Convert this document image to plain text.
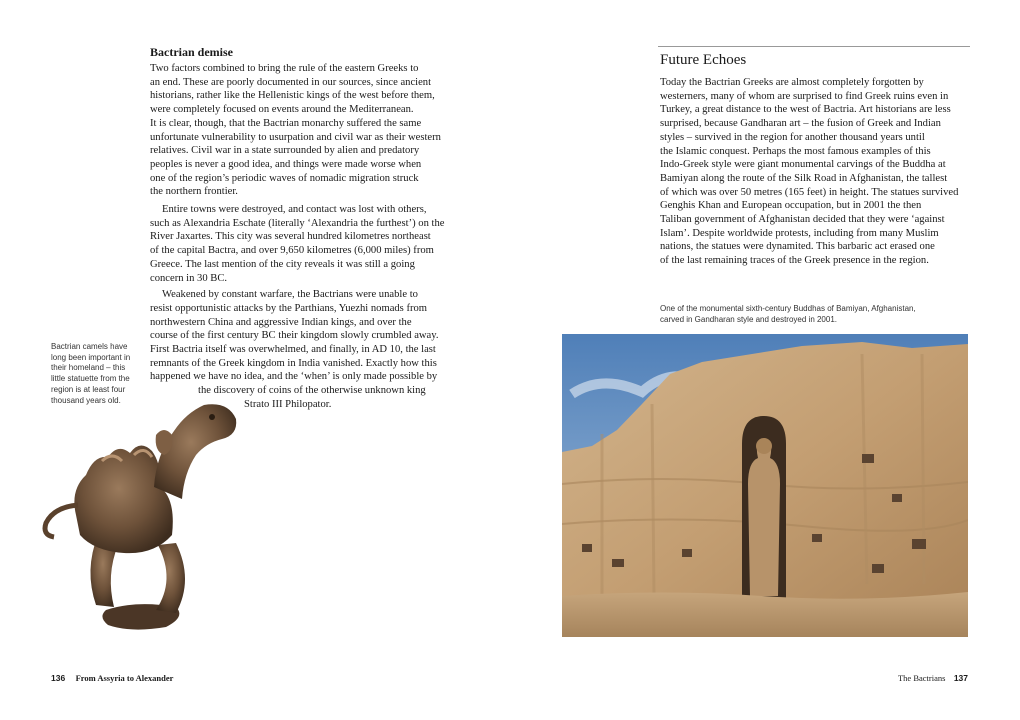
Bactrian demise

Two factors combined to bring the rule of the eastern Greeks to
an end. These are poorly documented in our sources, since ancient
historians, rather like the Hellenistic kings of the west before them,
were completely focused on events around the Mediterranean.
It is clear, though, that the Bactrian monarchy suffered the same
unfortunate vulnerability to usurpation and civil war as their western
relatives. Civil war in a state surrounded by alien and predatory
peoples is never a good idea, and things were made worse when
one of the region’s periodic waves of nomadic migration struck
the northern frontier.

Entire towns were destroyed, and contact was lost with others,
such as Alexandria Eschate (literally ‘Alexandria the furthest’) on the
River Jaxartes. This city was several hundred kilometres northeast
of the capital Bactra, and over 9,650 kilometres (6,000 miles) from
Greece. The last mention of the city reveals it was still a going
concern in 30 BC.

Weakened by constant warfare, the Bactrians were unable to
resist opportunistic attacks by the Parthians, Yuezhi nomads from
northwestern China and aggressive Indian kings, and over the
course of the first century BC their kingdom slowly crumbled away.
First Bactria itself was overwhelmed, and finally, in AD 10, the last
remnants of the Greek kingdom in India vanished. Exactly how this
happened we have no idea, and the ‘when’ is only made possible by
the discovery of coins of the otherwise unknown king
Strato III Philopator.

Bactrian camels have long been important in their homeland – this little statuette from the region is at least four thousand years old.
Future Echoes
Today the Bactrian Greeks are almost completely forgotten by
westerners, many of whom are surprised to find Greek ruins even in
Turkey, a great distance to the west of Bactria. Art historians are less
surprised, because Gandharan art – the fusion of Greek and Indian
styles – survived in the region for another thousand years until
the Islamic conquest. Perhaps the most famous examples of this
Indo-Greek style were giant monumental carvings of the Buddha at
Bamiyan along the route of the Silk Road in Afghanistan, the tallest
of which was over 50 metres (165 feet) in height. The statues survived
Genghis Khan and European occupation, but in 2001 the then
Taliban government of Afghanistan decided that they were ‘against
Islam’. Despite worldwide protests, including from many Muslim
nations, the statues were dynamited. This barbaric act erased one
of the last remaining traces of the Greek presence in the region.
One of the monumental sixth-century Buddhas of Bamiyan, Afghanistan,
carved in Gandharan style and destroyed in 2001.
136 From Assyria to Alexander	The Bactrians 137
